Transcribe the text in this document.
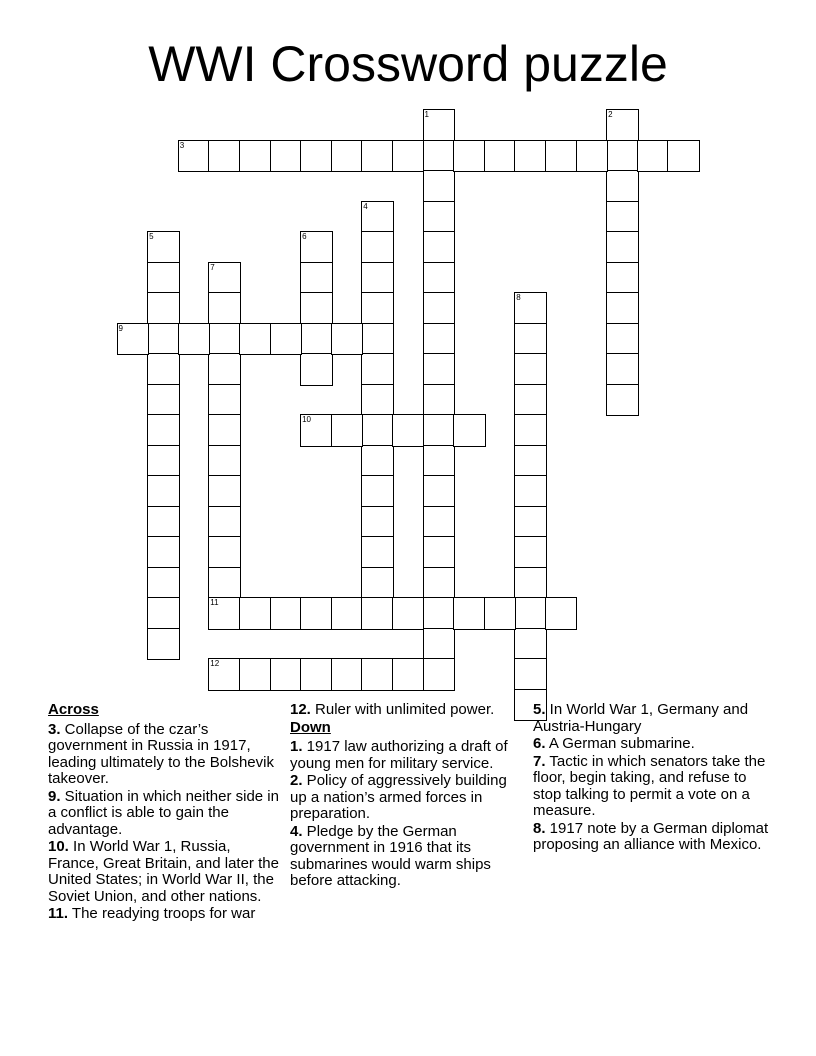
WWI Crossword puzzle
1	2
3
4
5	6
7
8
9
10
11
12
Across
3. Collapse of the czar’s government in Russia in 1917, leading ultimately to the Bolshevik takeover.
9. Situation in which neither side in a conflict is able to gain the advantage.
10. In World War 1, Russia, France, Great Britain, and later the United States; in World War II, the Soviet Union, and other nations.
11. The readying troops for war
12. Ruler with unlimited power.
Down
1. 1917 law authorizing a draft of young men for military service.
2. Policy of aggressively building up a nation’s armed forces in preparation.
4. Pledge by the German government in 1916 that its submarines would warm ships before attacking.
5. In World War 1, Germany and Austria-Hungary
6. A German submarine.
7. Tactic in which senators take the floor, begin taking, and refuse to stop talking to permit a vote on a measure.
8. 1917 note by a German diplomat proposing an alliance with Mexico.
